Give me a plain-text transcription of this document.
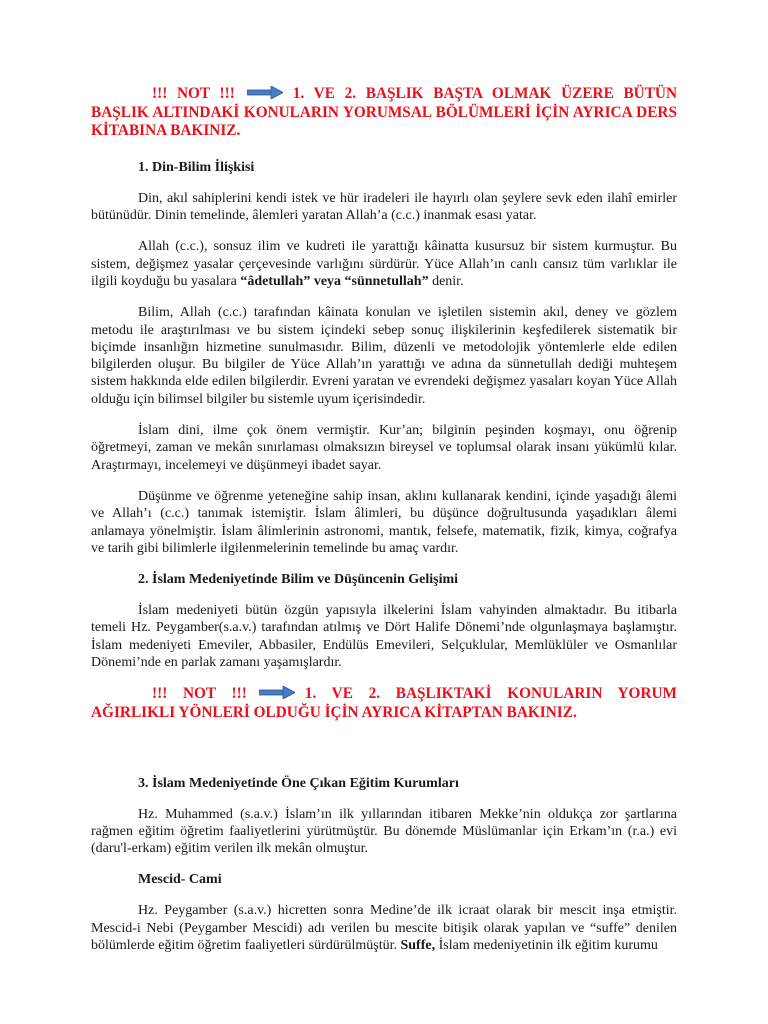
!!! NOT !!!	1. VE 2. BAŞLIK BAŞTA OLMAK ÜZERE BÜTÜN BAŞLIK ALTINDAKİ KONULARIN YORUMSAL BÖLÜMLERİ İÇİN AYRICA DERS KİTABINA BAKINIZ.

1. Din-Bilim İlişkisi

Din, akıl sahiplerini kendi istek ve hür iradeleri ile hayırlı olan şeylere sevk eden ilahî emirler bütünüdür. Dinin temelinde, âlemleri yaratan Allah’a (c.c.) inanmak esası yatar.

Allah (c.c.), sonsuz ilim ve kudreti ile yarattığı kâinatta kusursuz bir sistem kurmuştur. Bu sistem, değişmez yasalar çerçevesinde varlığını sürdürür. Yüce Allah’ın canlı cansız tüm varlıklar ile ilgili koyduğu bu yasalara “âdetullah” veya “sünnetullah” denir.

Bilim, Allah (c.c.) tarafından kâinata konulan ve işletilen sistemin akıl, deney ve gözlem metodu ile araştırılması ve bu sistem içindeki sebep sonuç ilişkilerinin keşfedilerek sistematik bir biçimde insanlığın hizmetine sunulmasıdır. Bilim, düzenli ve metodolojik yöntemlerle elde edilen bilgilerden oluşur. Bu bilgiler de Yüce Allah’ın yarattığı ve adına da sünnetullah dediği muhteşem sistem hakkında elde edilen bilgilerdir. Evreni yaratan ve evrendeki değişmez yasaları koyan Yüce Allah olduğu için bilimsel bilgiler bu sistemle uyum içerisindedir.

İslam dini, ilme çok önem vermiştir. Kur’an; bilginin peşinden koşmayı, onu öğrenip öğretmeyi, zaman ve mekân sınırlaması olmaksızın bireysel ve toplumsal olarak insanı yükümlü kılar. Araştırmayı, incelemeyi ve düşünmeyi ibadet sayar.

Düşünme ve öğrenme yeteneğine sahip insan, aklını kullanarak kendini, içinde yaşadığı âlemi ve Allah’ı (c.c.) tanımak istemiştir. İslam âlimleri, bu düşünce doğrultusunda yaşadıkları âlemi anlamaya yönelmiştir. İslam âlimlerinin astronomi, mantık, felsefe, matematik, fizik, kimya, coğrafya ve tarih gibi bilimlerle ilgilenmelerinin temelinde bu amaç vardır.

2. İslam Medeniyetinde Bilim ve Düşüncenin Gelişimi

İslam medeniyeti bütün özgün yapısıyla ilkelerini İslam vahyinden almaktadır. Bu itibarla temeli Hz. Peygamber(s.a.v.) tarafından atılmış ve Dört Halife Dönemi’nde olgunlaşmaya başlamıştır. İslam medeniyeti Emeviler, Abbasiler, Endülüs Emevileri, Selçuklular, Memlüklüler ve Osmanlılar Dönemi’nde en parlak zamanı yaşamışlardır.

!!! NOT !!!	1. VE 2. BAŞLIKTAKİ KONULARIN YORUM AĞIRLIKLI YÖNLERİ OLDUĞU İÇİN AYRICA KİTAPTAN BAKINIZ.

3. İslam Medeniyetinde Öne Çıkan Eğitim Kurumları

Hz. Muhammed (s.a.v.) İslam’ın ilk yıllarından itibaren Mekke’nin oldukça zor şartlarına rağmen eğitim öğretim faaliyetlerini yürütmüştür. Bu dönemde Müslümanlar için Erkam’ın (r.a.) evi (daru'l-erkam) eğitim verilen ilk mekân olmuştur.

Mescid- Cami

Hz. Peygamber (s.a.v.) hicretten sonra Medine’de ilk icraat olarak bir mescit inşa etmiştir. Mescid-i Nebi (Peygamber Mescidi) adı verilen bu mescite bitişik olarak yapılan ve “suffe” denilen bölümlerde eğitim öğretim faaliyetleri sürdürülmüştür. Suffe, İslam medeniyetinin ilk eğitim kurumu
